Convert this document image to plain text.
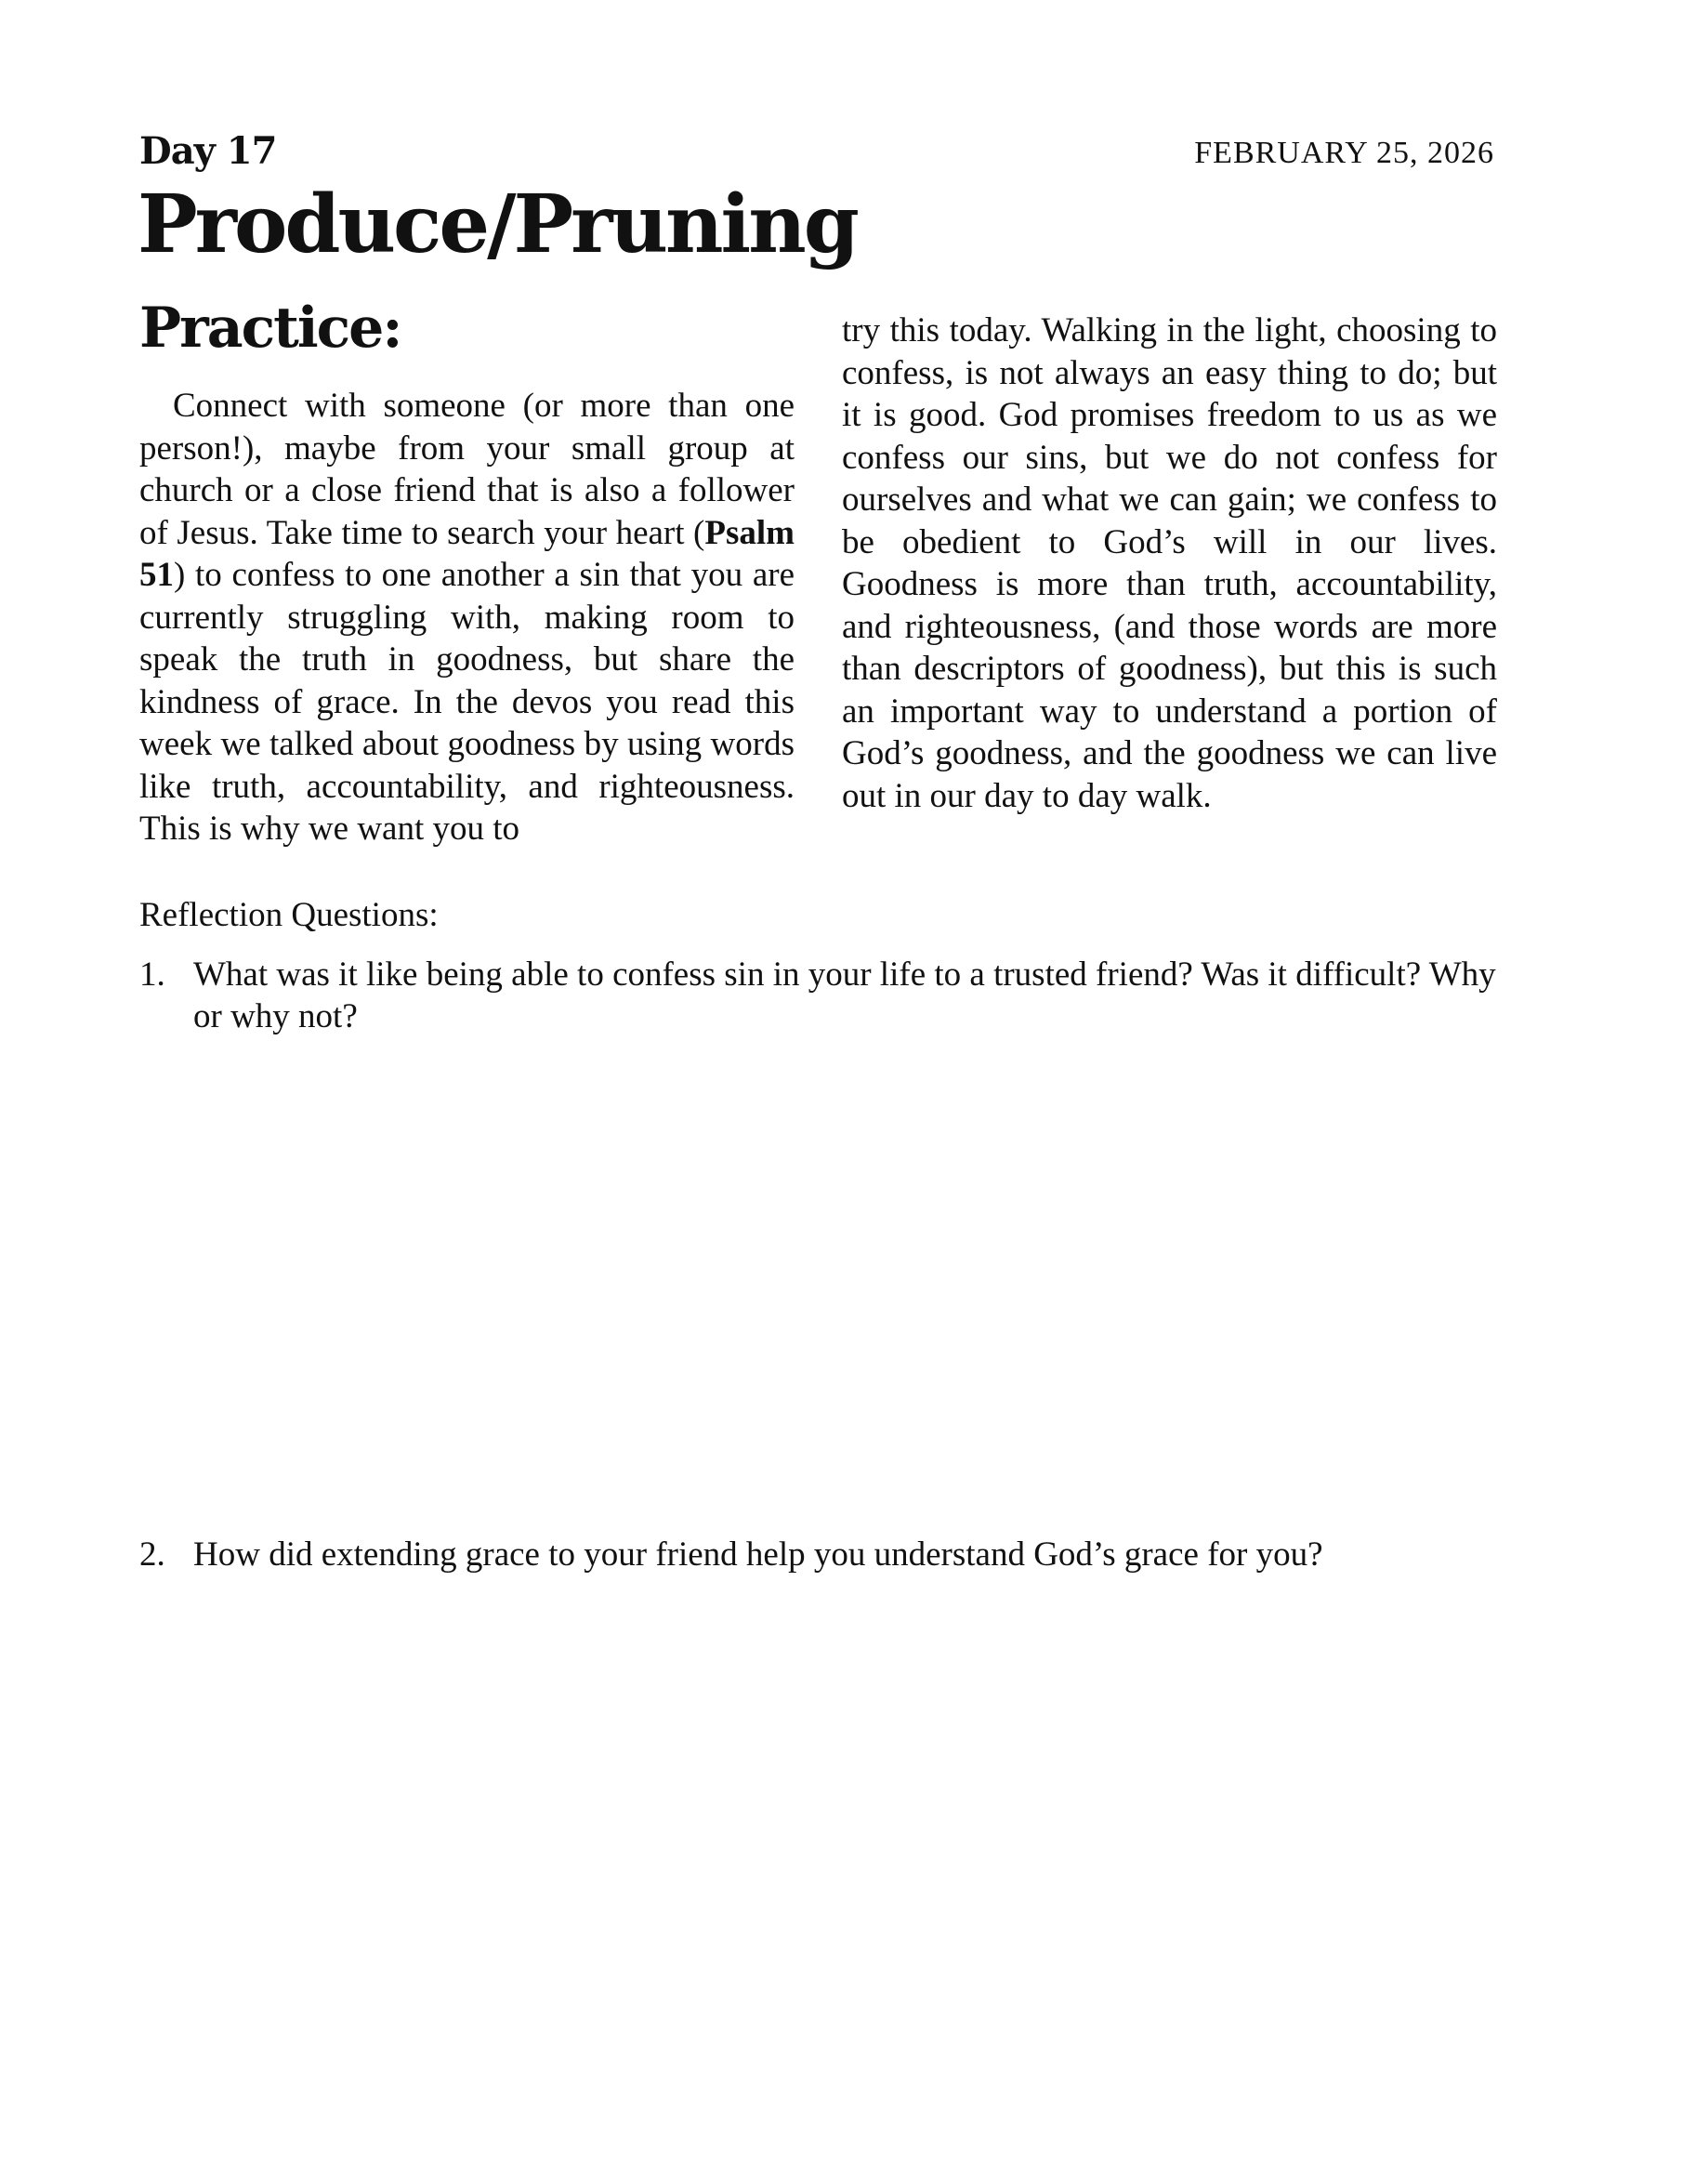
Day 17	FEBRUARY 25, 2026
Produce/Pruning
Practice:

Connect with someone (or more than one person!), maybe from your small group at church or a close friend that is also a follower of Jesus. Take time to search your heart (Psalm 51) to confess to one another a sin that you are currently struggling with, making room to speak the truth in goodness, but share the kindness of grace. In the devos you read this week we talked about goodness by using words like truth, accountability, and righteousness. This is why we want you to

try this today. Walking in the light, choosing to confess, is not always an easy thing to do; but it is good. God promises freedom to us as we confess our sins, but we do not confess for ourselves and what we can gain; we confess to be obedient to God’s will in our lives. Goodness is more than truth, accountability, and righteousness, (and those words are more than descriptors of goodness), but this is such an important way to understand a portion of God’s goodness, and the goodness we can live out in our day to day walk.

Reflection Questions:
1. What was it like being able to confess sin in your life to a trusted friend? Was it difficult? Why or why not?
2. How did extending grace to your friend help you understand God’s grace for you?
